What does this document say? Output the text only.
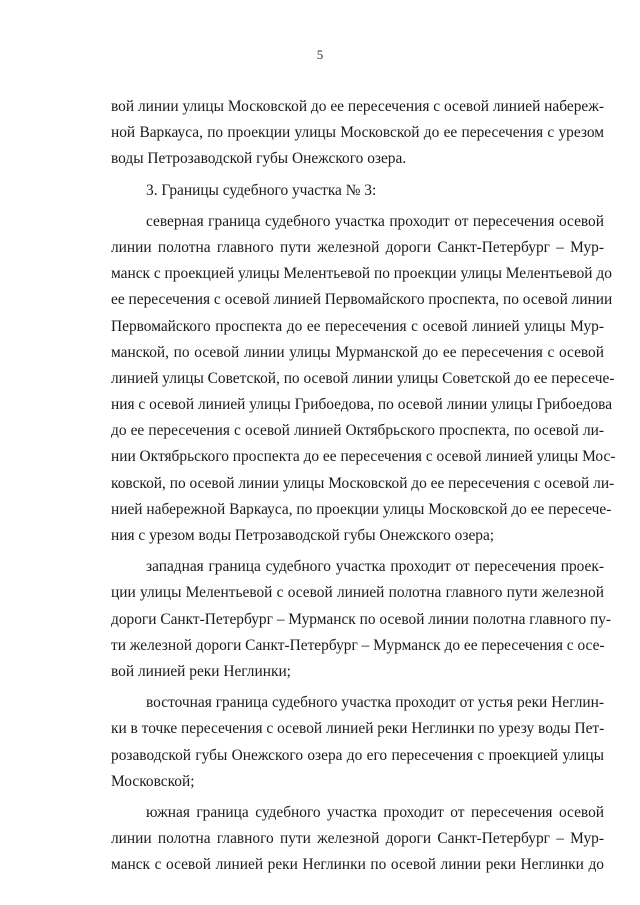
5
вой линии улицы Московской до ее пересечения с осевой линией набереж-
ной Варкауса, по проекции улицы Московской до ее пересечения с урезом
воды Петрозаводской губы Онежского озера.
3. Границы судебного участка № 3:
северная граница судебного участка проходит от пересечения осевой
линии полотна главного пути железной дороги Санкт-Петербург – Мур-
манск с проекцией улицы Мелентьевой по проекции улицы Мелентьевой до
ее пересечения с осевой линией Первомайского проспекта, по осевой линии
Первомайского проспекта до ее пересечения с осевой линией улицы Мур-
манской, по осевой линии улицы Мурманской до ее пересечения с осевой
линией улицы Советской, по осевой линии улицы Советской до ее пересече-
ния с осевой линией улицы Грибоедова, по осевой линии улицы Грибоедова
до ее пересечения с осевой линией Октябрьского проспекта, по осевой ли-
нии Октябрьского проспекта до ее пересечения с осевой линией улицы Мос-
ковской, по осевой линии улицы Московской до ее пересечения с осевой ли-
нией набережной Варкауса, по проекции улицы Московской до ее пересече-
ния с урезом воды Петрозаводской губы Онежского озера;
западная граница судебного участка проходит от пересечения проек-
ции улицы Мелентьевой с осевой линией полотна главного пути железной
дороги Санкт-Петербург – Мурманск по осевой линии полотна главного пу-
ти железной дороги Санкт-Петербург – Мурманск до ее пересечения с осе-
вой линией реки Неглинки;
восточная граница судебного участка проходит от устья реки Неглин-
ки в точке пересечения с осевой линией реки Неглинки по урезу воды Пет-
розаводской губы Онежского озера до его пересечения с проекцией улицы
Московской;
южная граница судебного участка проходит от пересечения осевой
линии полотна главного пути железной дороги Санкт-Петербург – Мур-
манск с осевой линией реки Неглинки по осевой линии реки Неглинки до
